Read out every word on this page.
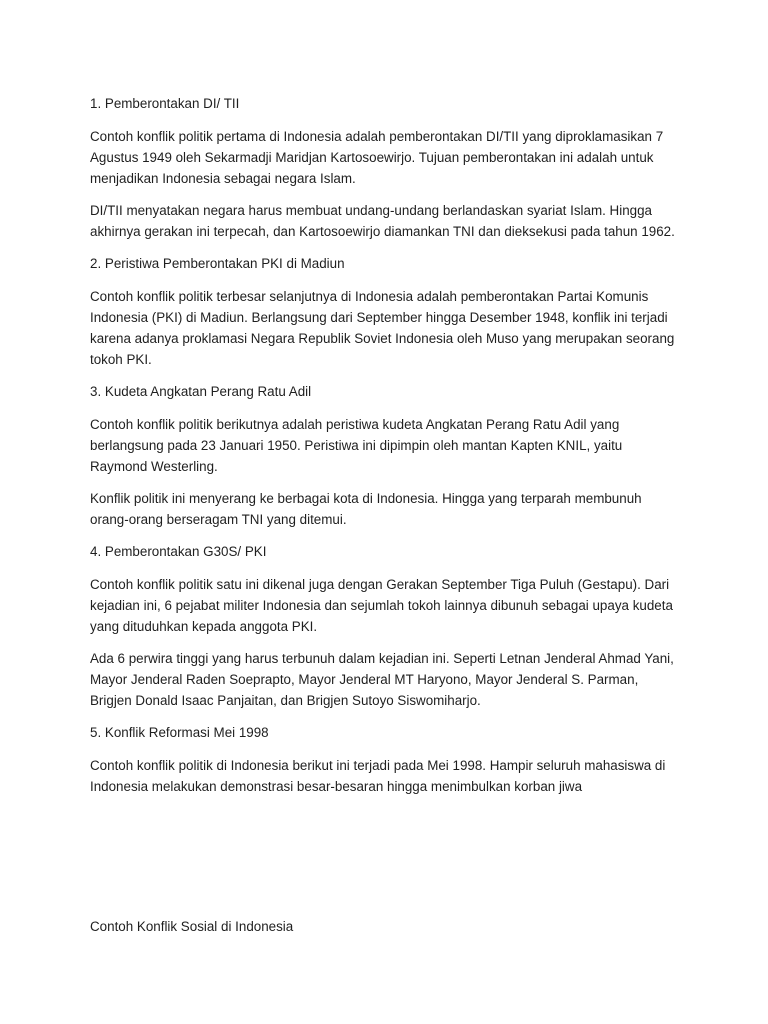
1. Pemberontakan DI/ TII

Contoh konflik politik pertama di Indonesia adalah pemberontakan DI/TII yang diproklamasikan 7 Agustus 1949 oleh Sekarmadji Maridjan Kartosoewirjo. Tujuan pemberontakan ini adalah untuk menjadikan Indonesia sebagai negara Islam.

DI/TII menyatakan negara harus membuat undang-undang berlandaskan syariat Islam. Hingga akhirnya gerakan ini terpecah, dan Kartosoewirjo diamankan TNI dan dieksekusi pada tahun 1962.

2. Peristiwa Pemberontakan PKI di Madiun

Contoh konflik politik terbesar selanjutnya di Indonesia adalah pemberontakan Partai Komunis Indonesia (PKI) di Madiun. Berlangsung dari September hingga Desember 1948, konflik ini terjadi karena adanya proklamasi Negara Republik Soviet Indonesia oleh Muso yang merupakan seorang tokoh PKI.

3. Kudeta Angkatan Perang Ratu Adil

Contoh konflik politik berikutnya adalah peristiwa kudeta Angkatan Perang Ratu Adil yang berlangsung pada 23 Januari 1950. Peristiwa ini dipimpin oleh mantan Kapten KNIL, yaitu Raymond Westerling.

Konflik politik ini menyerang ke berbagai kota di Indonesia. Hingga yang terparah membunuh orang-orang berseragam TNI yang ditemui.

4. Pemberontakan G30S/ PKI

Contoh konflik politik satu ini dikenal juga dengan Gerakan September Tiga Puluh (Gestapu). Dari kejadian ini, 6 pejabat militer Indonesia dan sejumlah tokoh lainnya dibunuh sebagai upaya kudeta yang dituduhkan kepada anggota PKI.

Ada 6 perwira tinggi yang harus terbunuh dalam kejadian ini. Seperti Letnan Jenderal Ahmad Yani, Mayor Jenderal Raden Soeprapto, Mayor Jenderal MT Haryono, Mayor Jenderal S. Parman, Brigjen Donald Isaac Panjaitan, dan Brigjen Sutoyo Siswomiharjo.

5. Konflik Reformasi Mei 1998

Contoh konflik politik di Indonesia berikut ini terjadi pada Mei 1998. Hampir seluruh mahasiswa di Indonesia melakukan demonstrasi besar-besaran hingga menimbulkan korban jiwa

Contoh Konflik Sosial di Indonesia
